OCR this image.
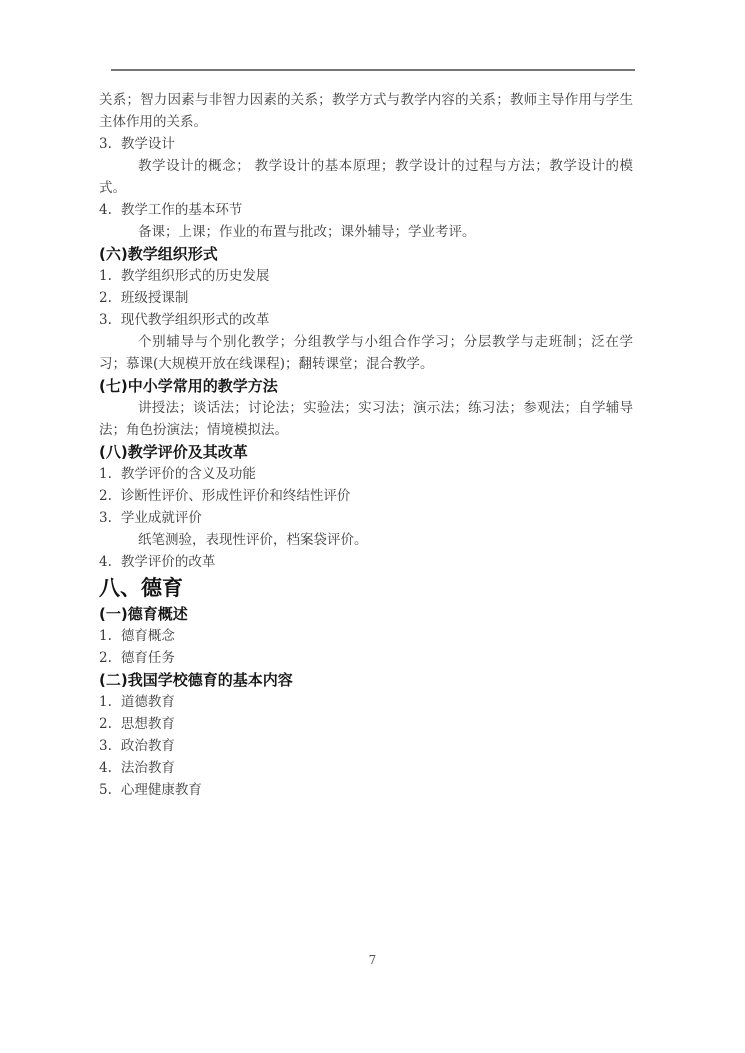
关系；智力因素与非智力因素的关系；教学方式与教学内容的关系；教师主导作用与学生主体作用的关系。

3. 教学设计

教学设计的概念； 教学设计的基本原理；教学设计的过程与方法；教学设计的模式。

4. 教学工作的基本环节

备课；上课；作业的布置与批改；课外辅导；学业考评。

(六)教学组织形式

1. 教学组织形式的历史发展

2. 班级授课制

3. 现代教学组织形式的改革

个别辅导与个别化教学；分组教学与小组合作学习；分层教学与走班制；泛在学习；慕课(大规模开放在线课程)；翻转课堂；混合教学。

(七)中小学常用的教学方法

讲授法；谈话法；讨论法；实验法；实习法；演示法；练习法；参观法；自学辅导法；角色扮演法；情境模拟法。

(八)教学评价及其改革

1. 教学评价的含义及功能

2. 诊断性评价、形成性评价和终结性评价

3. 学业成就评价

纸笔测验，表现性评价，档案袋评价。

4. 教学评价的改革

八、德育

(一)德育概述

1. 德育概念

2. 德育任务

(二)我国学校德育的基本内容

1. 道德教育

2. 思想教育

3. 政治教育

4. 法治教育

5. 心理健康教育

7
